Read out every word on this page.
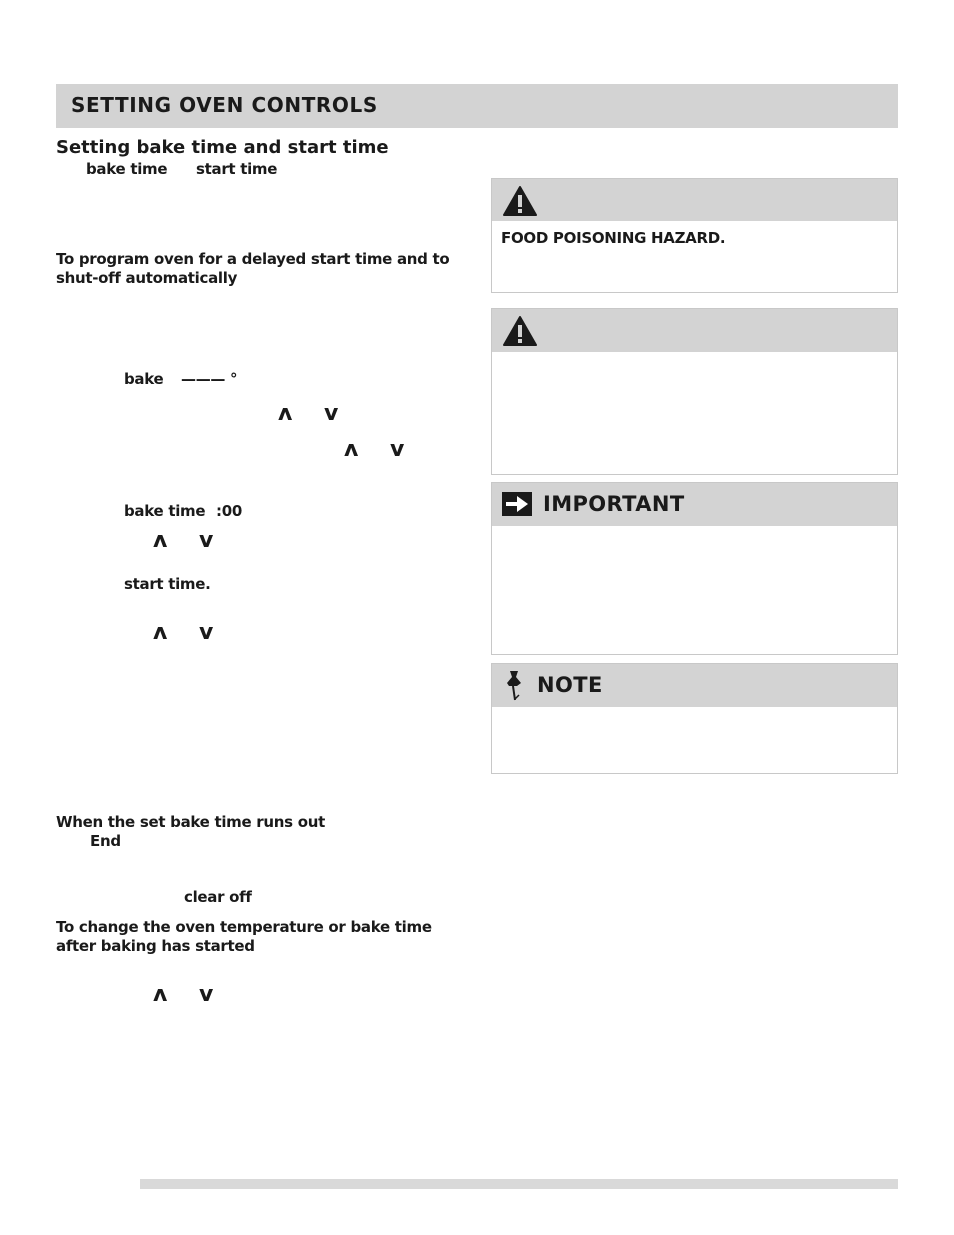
SETTING OVEN CONTROLS
Setting bake time and start time
bake time start time
To program oven for a delayed start time and to shut-off automatically
bake ——— °
ʌ v
ʌ v
bake time :00
ʌ v
start time.
ʌ v
When the set bake time runs out
End
clear off
To change the oven temperature or bake time after baking has started
ʌ v
FOOD POISONING HAZARD.
IMPORTANT
NOTE
